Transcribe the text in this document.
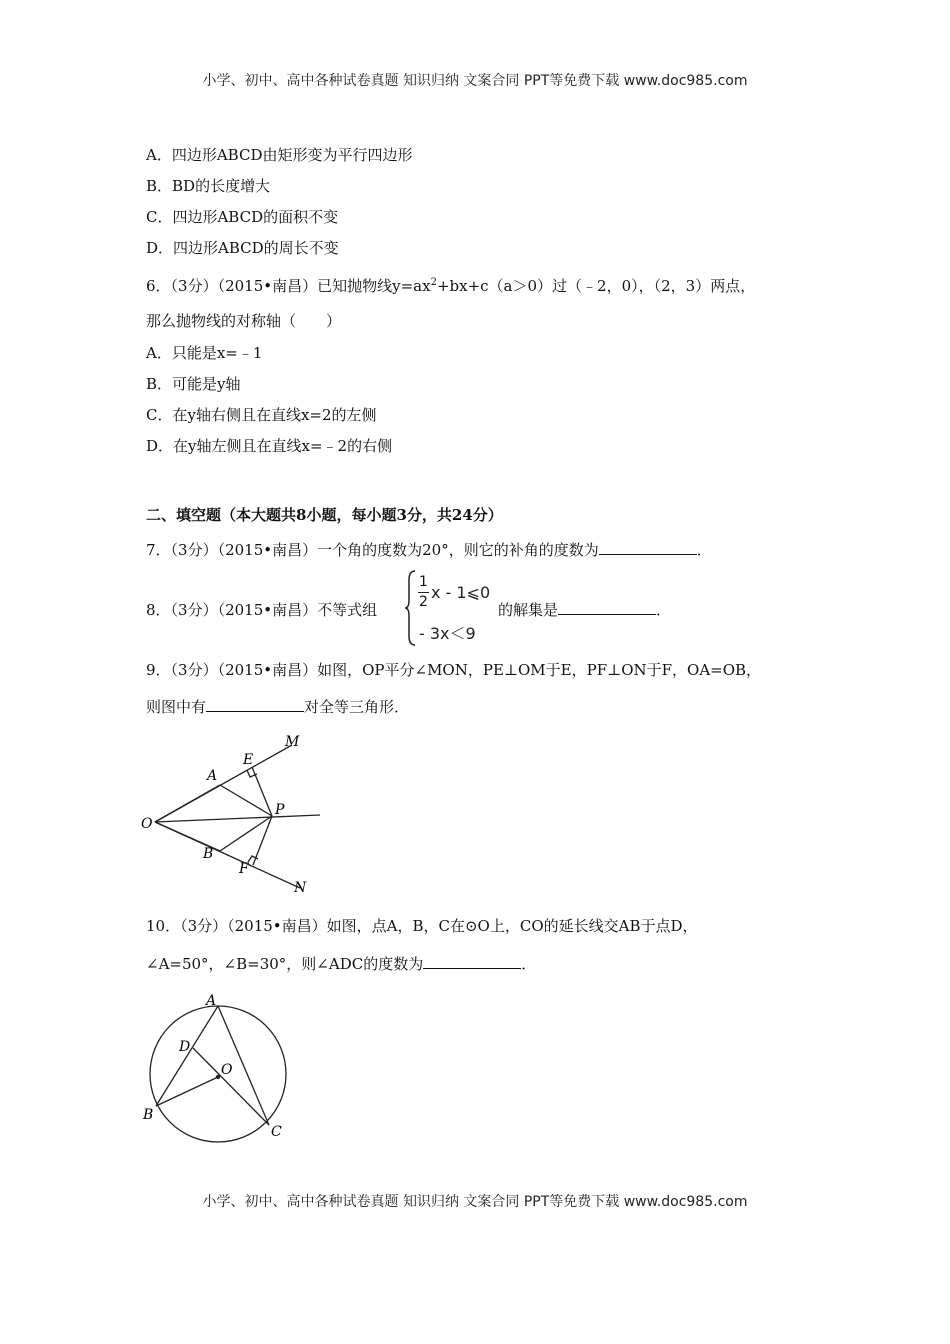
小学、初中、高中各种试卷真题 知识归纳 文案合同 PPT等免费下载 www.doc985.com
A．四边形ABCD由矩形变为平行四边形
B．BD的长度增大
C．四边形ABCD的面积不变
D．四边形ABCD的周长不变
6．（3分）（2015•南昌）已知抛物线$y=ax^2+bx+c(a>0)$过（﹣2，0），（2，3）两点，
那么抛物线的对称轴（　　）
A．只能是x=﹣1
B．可能是y轴
C．在y轴右侧且在直线x=2的左侧
D．在y轴左侧且在直线x=﹣2的右侧
二、填空题（本大题共8小题，每小题3分，共24分）
7．（3分）（2015•南昌）一个角的度数为20°，则它的补角的度数为	．
8．（3分）（2015•南昌）不等式组
1
2 x - 1⩽0
- 3x＜9
的解集是	．
9．（3分）（2015•南昌）如图，OP平分∠MON，PE⊥OM于E，PF⊥ON于F，OA=OB，
则图中有	对全等三角形．
O
A
E
M
P
B
F
N
10．（3分）（2015•南昌）如图，点A，B，C在⊙O上，CO的延长线交AB于点D，
∠A=50°，∠B=30°，则∠ADC的度数为	．
A
D
O
B
C
小学、初中、高中各种试卷真题 知识归纳 文案合同 PPT等免费下载 www.doc985.com
